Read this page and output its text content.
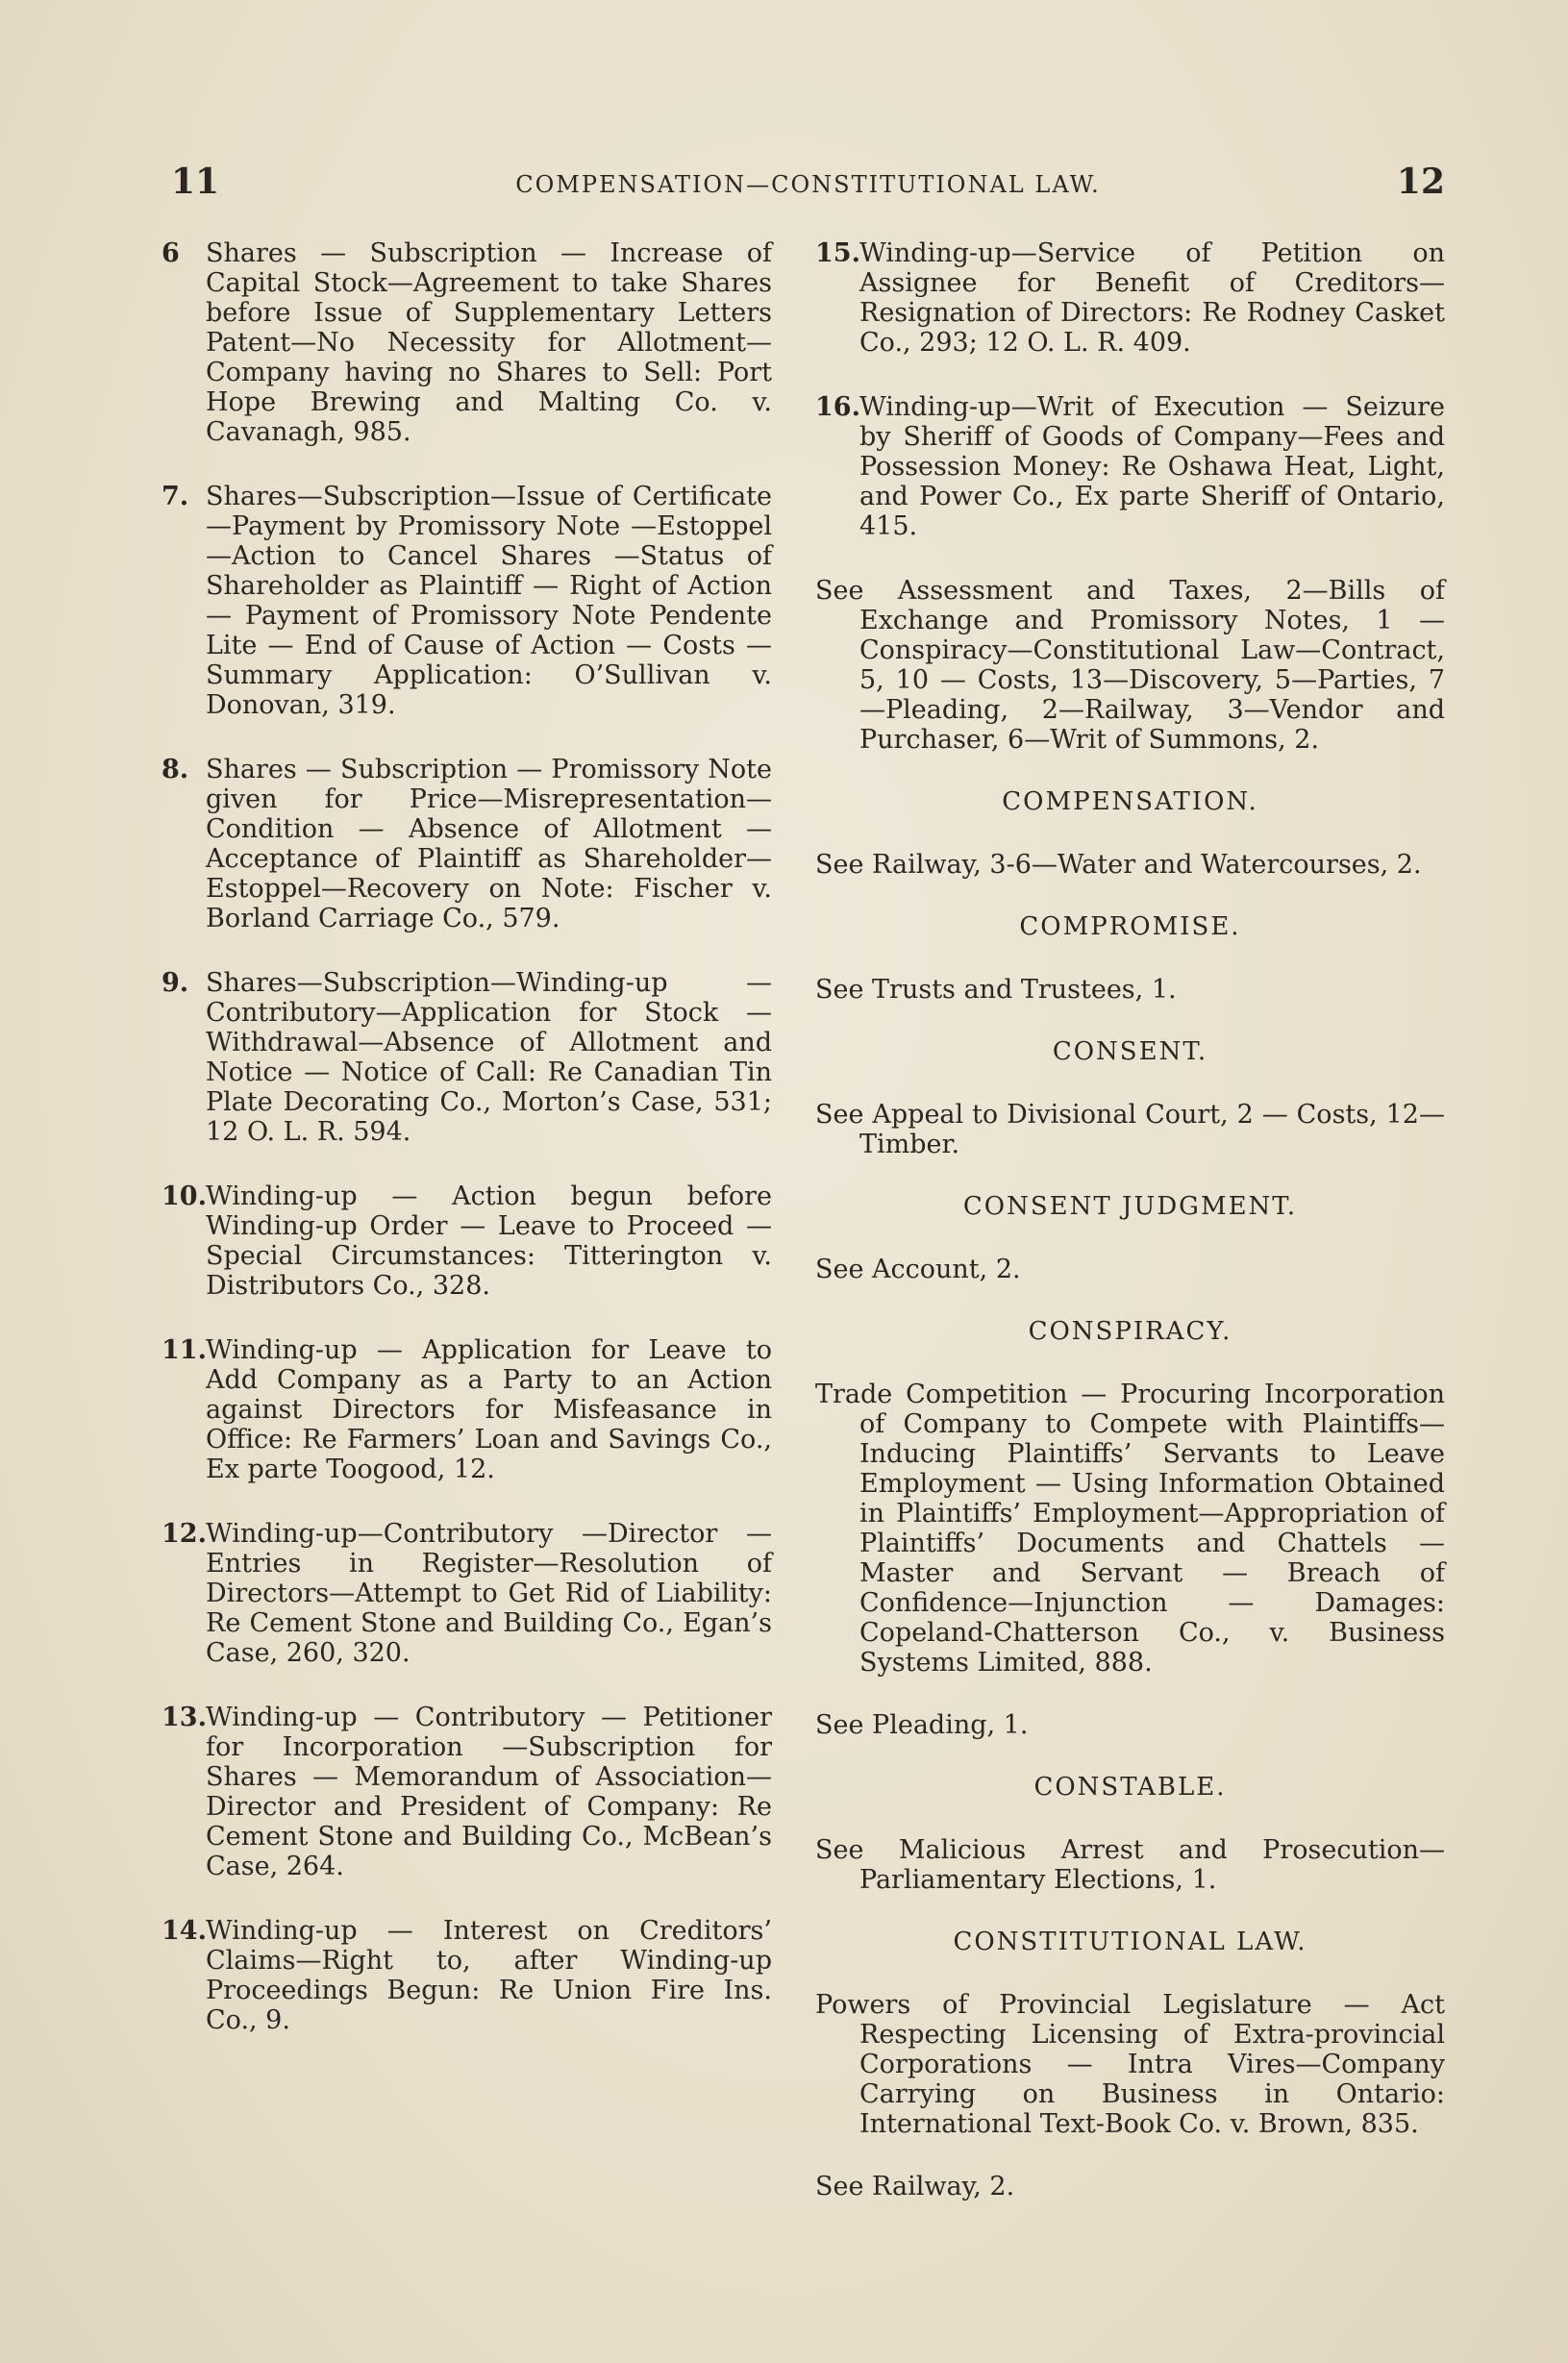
11	COMPENSATION—CONSTITUTIONAL LAW.	12
6 Shares — Subscription — Increase of Capital Stock—Agreement to take Shares before Issue of Supplementary Letters Patent—No Necessity for Allotment—Company having no Shares to Sell: Port Hope Brewing and Malting Co. v. Cavanagh, 985.
7. Shares—Subscription—Issue of Certificate—Payment by Promissory Note —Estoppel—Action to Cancel Shares —Status of Shareholder as Plaintiff — Right of Action — Payment of Promissory Note Pendente Lite — End of Cause of Action — Costs — Summary Application: O’Sullivan v. Donovan, 319.
8. Shares — Subscription — Promissory Note given for Price—Misrepresentation—Condition — Absence of Allotment — Acceptance of Plaintiff as Shareholder—Estoppel—Recovery on Note: Fischer v. Borland Carriage Co., 579.
9. Shares—Subscription—Winding-up — Contributory—Application for Stock —Withdrawal—Absence of Allotment and Notice — Notice of Call: Re Canadian Tin Plate Decorating Co., Morton’s Case, 531; 12 O. L. R. 594.
10. Winding-up — Action begun before Winding-up Order — Leave to Proceed — Special Circumstances: Titterington v. Distributors Co., 328.
11. Winding-up — Application for Leave to Add Company as a Party to an Action against Directors for Misfeasance in Office: Re Farmers’ Loan and Savings Co., Ex parte Toogood, 12.
12. Winding-up—Contributory —Director —Entries in Register—Resolution of Directors—Attempt to Get Rid of Liability: Re Cement Stone and Building Co., Egan’s Case, 260, 320.
13. Winding-up — Contributory — Petitioner for Incorporation —Subscription for Shares — Memorandum of Association—Director and President of Company: Re Cement Stone and Building Co., McBean’s Case, 264.
14. Winding-up — Interest on Creditors’ Claims—Right to, after Winding-up Proceedings Begun: Re Union Fire Ins. Co., 9.
15. Winding-up—Service of Petition on Assignee for Benefit of Creditors—Resignation of Directors: Re Rodney Casket Co., 293; 12 O. L. R. 409.
16. Winding-up—Writ of Execution — Seizure by Sheriff of Goods of Company—Fees and Possession Money: Re Oshawa Heat, Light, and Power Co., Ex parte Sheriff of Ontario, 415.
See Assessment and Taxes, 2—Bills of Exchange and Promissory Notes, 1 —Conspiracy—Constitutional Law—Contract, 5, 10 — Costs, 13—Discovery, 5—Parties, 7—Pleading, 2—Railway, 3—Vendor and Purchaser, 6—Writ of Summons, 2.
COMPENSATION.
See Railway, 3-6—Water and Watercourses, 2.
COMPROMISE.
See Trusts and Trustees, 1.
CONSENT.
See Appeal to Divisional Court, 2 — Costs, 12—Timber.
CONSENT JUDGMENT.
See Account, 2.
CONSPIRACY.
Trade Competition — Procuring Incorporation of Company to Compete with Plaintiffs—Inducing Plaintiffs’ Servants to Leave Employment — Using Information Obtained in Plaintiffs’ Employment—Appropriation of Plaintiffs’ Documents and Chattels — Master and Servant — Breach of Confidence—Injunction — Damages: Copeland-Chatterson Co., v. Business Systems Limited, 888.
See Pleading, 1.
CONSTABLE.
See Malicious Arrest and Prosecution—Parliamentary Elections, 1.
CONSTITUTIONAL LAW.
Powers of Provincial Legislature — Act Respecting Licensing of Extra-provincial Corporations — Intra Vires—Company Carrying on Business in Ontario: International Text-Book Co. v. Brown, 835.
See Railway, 2.
